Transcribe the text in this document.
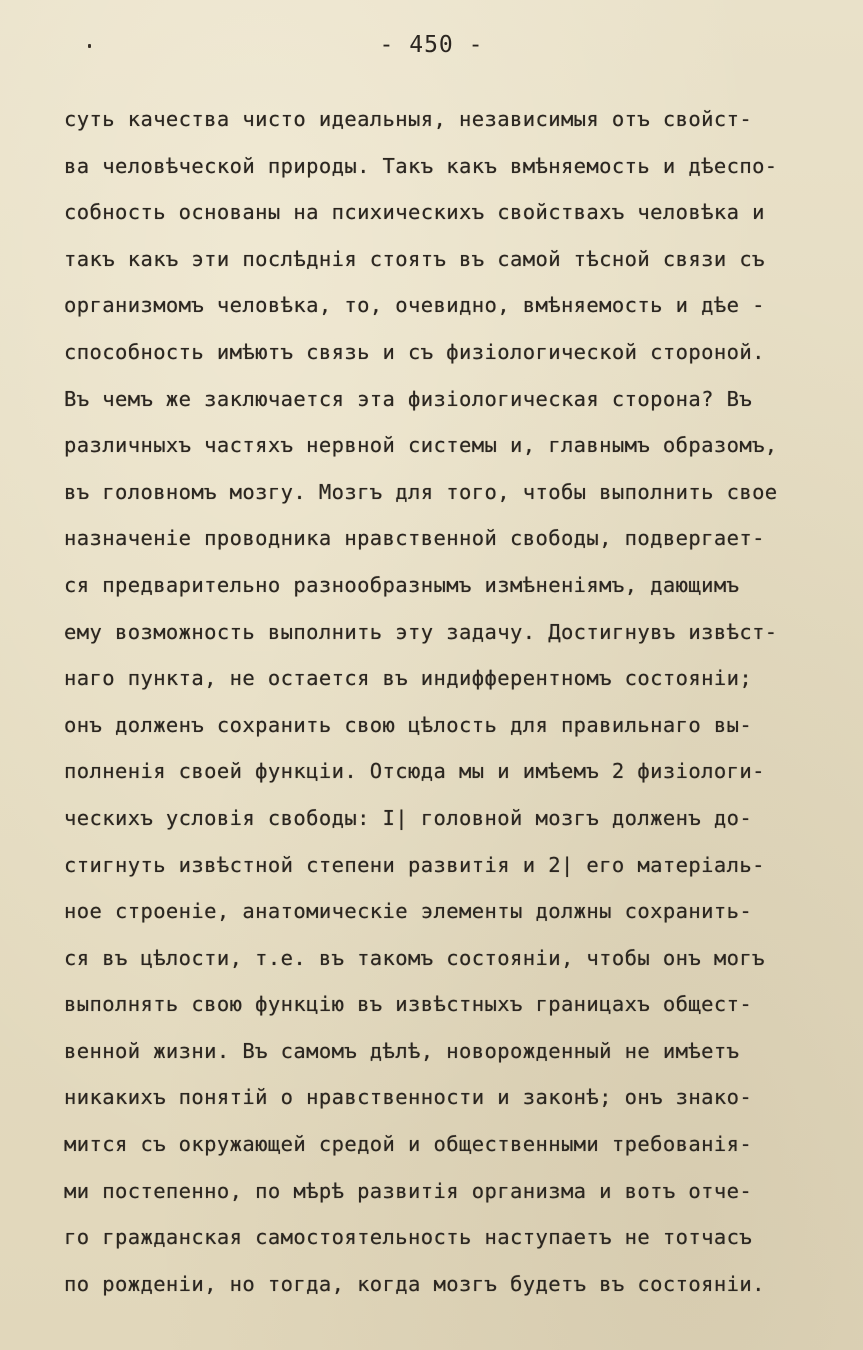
- 450 -
суть качества чисто идеальныя, независимыя отъ свойст-
ва человѣческой природы. Такъ какъ вмѣняемость и дѣеспо-
собность основаны на психическихъ свойствахъ человѣка и
такъ какъ эти послѣднія стоятъ въ самой тѣсной связи съ
организмомъ человѣка, то, очевидно, вмѣняемость и дѣе -
способность имѣютъ связь и съ физiологической стороной.
Въ чемъ же заключается эта физiологическая сторона? Въ
различныхъ частяхъ нервной системы и, главнымъ образомъ,
въ головномъ мозгу. Мозгъ для того, чтобы выполнить свое
назначенiе проводника нравственной свободы, подвергает-
ся предварительно разнообразнымъ измѣненiямъ, дающимъ
ему возможность выполнить эту задачу. Достигнувъ извѣст-
наго пункта, не остается въ индифферентномъ состоянiи;
онъ долженъ сохранить свою цѣлость для правильнаго вы-
полненiя своей функцiи. Отсюда мы и имѣемъ 2 физiологи-
ческихъ условiя свободы: I| головной мозгъ долженъ до-
стигнуть извѣстной степени развитiя и 2| его матерiаль-
ное строенiе, анатомическiе элементы должны сохранить-
ся въ цѣлости, т.е. въ такомъ состоянiи, чтобы онъ могъ
выполнять свою функцiю въ извѣстныхъ границахъ общест-
венной жизни. Въ самомъ дѣлѣ, новорожденный не имѣетъ
никакихъ понятiй о нравственности и законѣ; онъ знако-
мится съ окружающей средой и общественными требованiя-
ми постепенно, по мѣрѣ развитiя организма и вотъ отче-
го гражданская самостоятельность наступаетъ не тотчасъ
по рожденiи, но тогда, когда мозгъ будетъ въ состоянiи.
